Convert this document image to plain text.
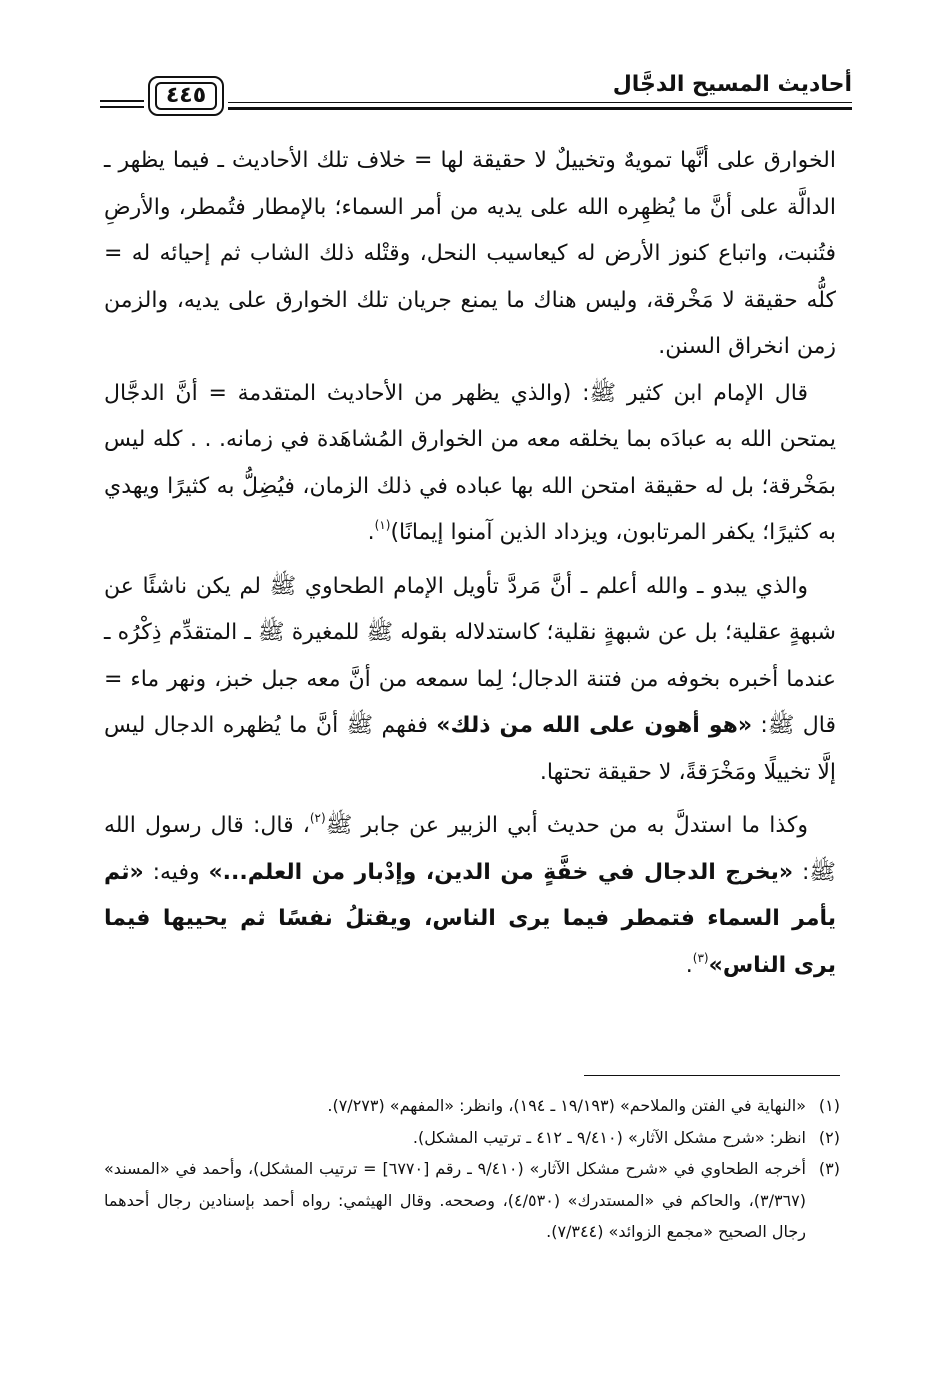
٤٤٥	أحاديث المسيح الدجَّال

الخوارق على أنَّها تمويهٌ وتخييلٌ لا حقيقة لها = خلاف تلك الأحاديث ـ فيما يظهر ـ الدالَّة على أنَّ ما يُظهِره الله على يديه من أمر السماء؛ بالإمطار فتُمطر، والأرضِ فتُنبت، واتباع كنوز الأرض له كيعاسيب النحل، وقتْله ذلك الشاب ثم إحيائه له = كلُّه حقيقة لا مَخْرقة، وليس هناك ما يمنع جريان تلك الخوارق على يديه، والزمن زمن انخراق السنن.

قال الإمام ابن كثير ﷺ: (والذي يظهر من الأحاديث المتقدمة = أنَّ الدجَّال يمتحن الله به عبادَه بما يخلقه معه من الخوارق المُشاهَدة في زمانه. . . كله ليس بمَخْرقة؛ بل له حقيقة امتحن الله بها عباده في ذلك الزمان، فيُضِلُّ به كثيرًا ويهدي به كثيرًا؛ يكفر المرتابون، ويزداد الذين آمنوا إيمانًا)$^{(١)}$.

والذي يبدو ـ والله أعلم ـ أنَّ مَردَّ تأويل الإمام الطحاوي ﷺ لم يكن ناشئًا عن شبهةٍ عقلية؛ بل عن شبهةٍ نقلية؛ كاستدلاله بقوله ﷺ للمغيرة ﷺ ـ المتقدِّم ذِكْرُه ـ عندما أخبره بخوفه من فتنة الدجال؛ لِما سمعه من أنَّ معه جبل خبز، ونهر ماء = قال ﷺ: «هو أهون على الله من ذلك» ففهم ﷺ أنَّ ما يُظهره الدجال ليس إلَّا تخييلًا ومَخْرَقةً، لا حقيقة تحتها.

وكذا ما استدلَّ به من حديث أبي الزبير عن جابر ﷺ$^{(٢)}$، قال: قال رسول الله ﷺ: «يخرج الدجال في خفَّةٍ من الدين، وإدْبار من العلم...» وفيه: «ثم يأمر السماء فتمطر فيما يرى الناس، ويقتلُ نفسًا ثم يحييها فيما يرى الناس»$^{(٣)}$.

(١)
«النهاية في الفتن والملاحم» (١٩/١٩٣ ـ ١٩٤)، وانظر: «المفهم» (٧/٢٧٣).

(٢)
انظر: «شرح مشكل الآثار» (٩/٤١٠ ـ ٤١٢ ـ ترتيب المشكل).

(٣)
أخرجه الطحاوي في «شرح مشكل الآثار» (٩/٤١٠ ـ رقم [٦٧٧٠] = ترتيب المشكل)، وأحمد في «المسند» (٣/٣٦٧)، والحاكم في «المستدرك» (٤/٥٣٠)، وصححه. وقال الهيثمي: رواه أحمد بإسنادين رجال أحدهما رجال الصحيح «مجمع الزوائد» (٧/٣٤٤).
